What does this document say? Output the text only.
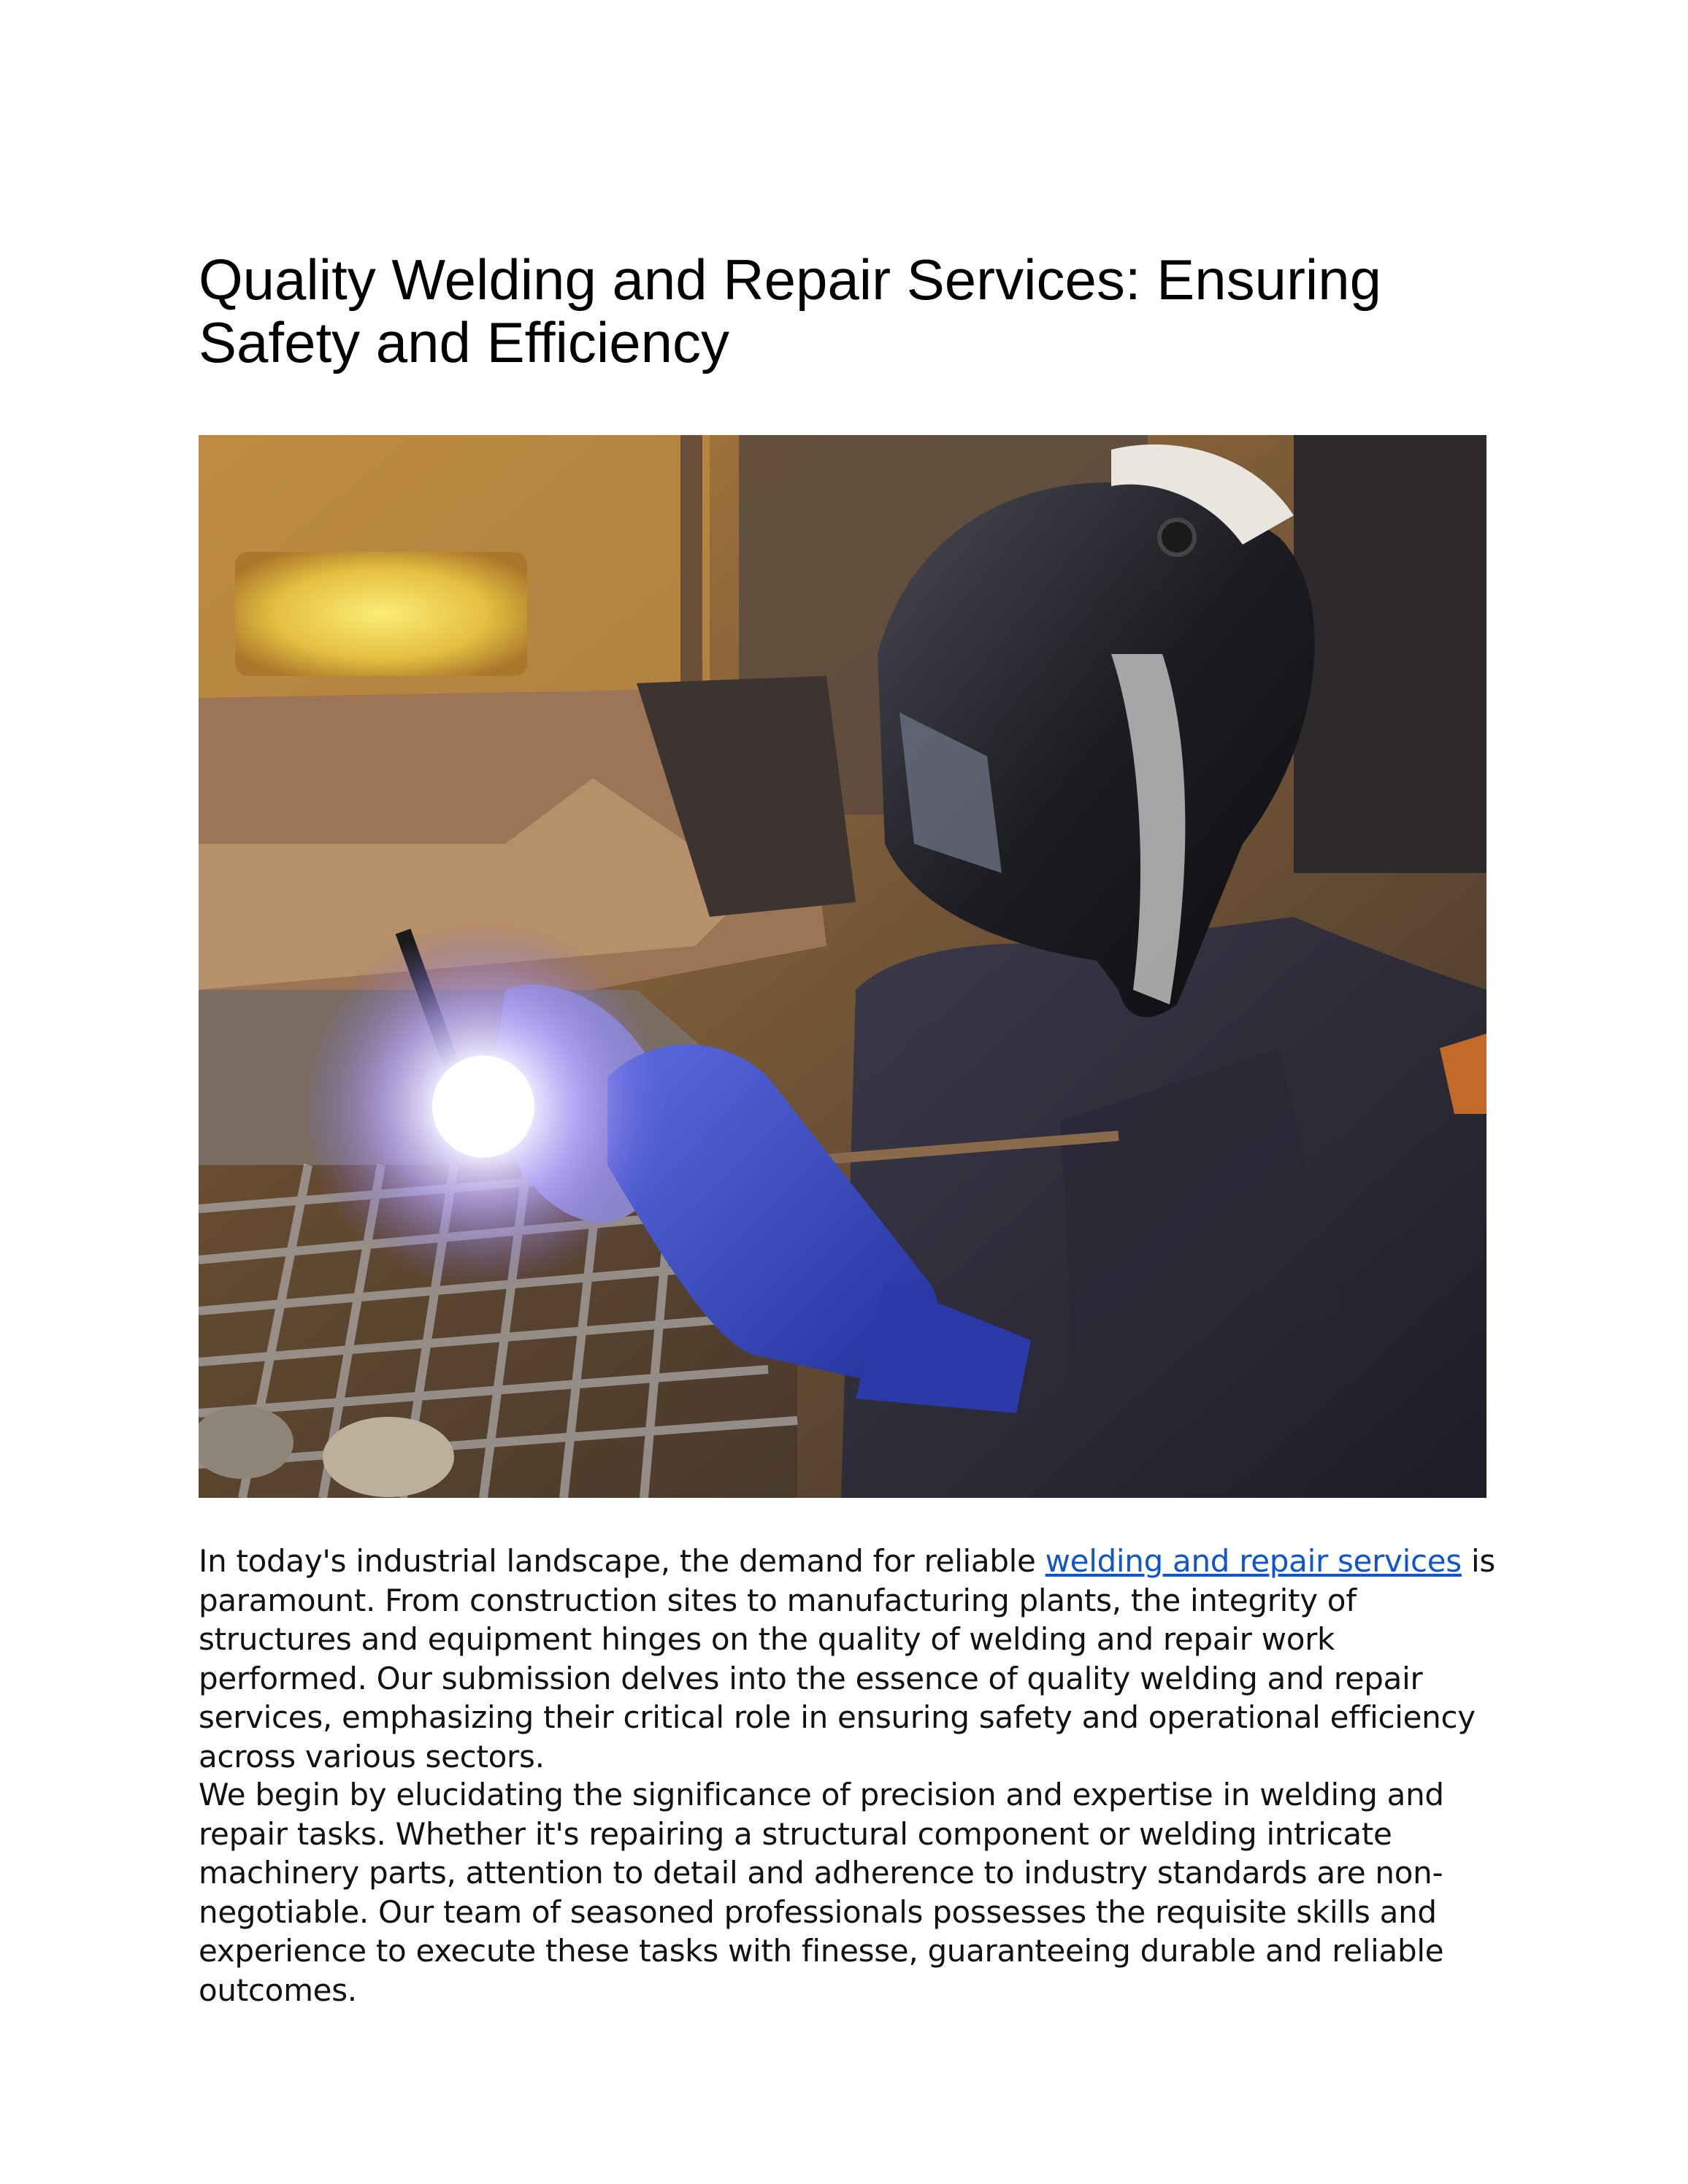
Quality Welding and Repair Services: Ensuring Safety and Efficiency

In today's industrial landscape, the demand for reliable welding and repair services is paramount. From construction sites to manufacturing plants, the integrity of structures and equipment hinges on the quality of welding and repair work performed. Our submission delves into the essence of quality welding and repair services, emphasizing their critical role in ensuring safety and operational efficiency across various sectors.

We begin by elucidating the significance of precision and expertise in welding and repair tasks. Whether it's repairing a structural component or welding intricate machinery parts, attention to detail and adherence to industry standards are non-negotiable. Our team of seasoned professionals possesses the requisite skills and experience to execute these tasks with finesse, guaranteeing durable and reliable outcomes.
